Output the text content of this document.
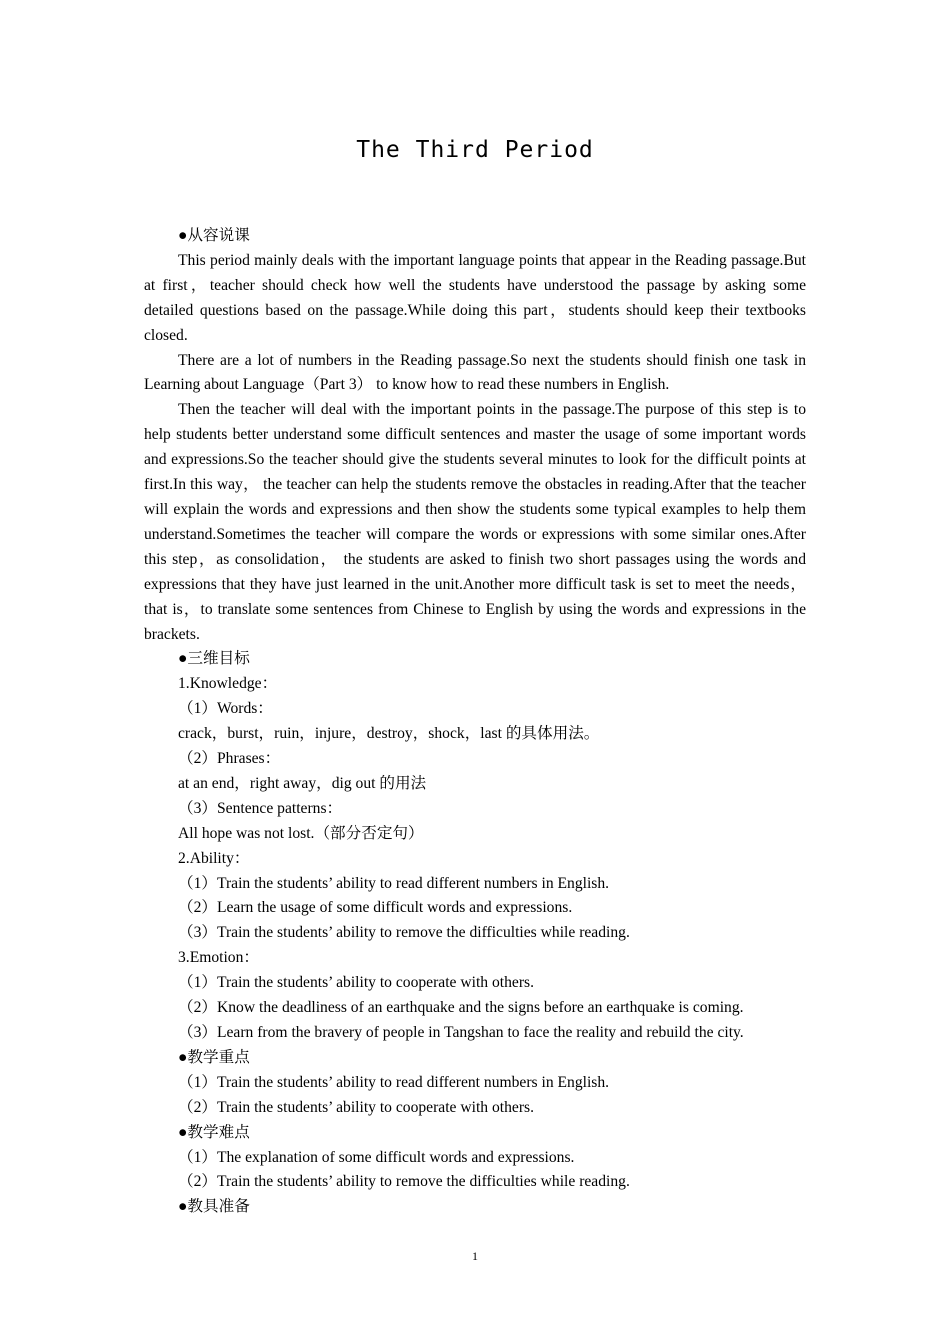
The Third Period

●从容说课

This period mainly deals with the important language points that appear in the Reading passage.But at first，teacher should check how well the students have understood the passage by asking some detailed questions based on the passage.While doing this part，students should keep their textbooks closed.

There are a lot of numbers in the Reading passage.So next the students should finish one task in Learning about Language（Part 3） to know how to read these numbers in English.

Then the teacher will deal with the important points in the passage.The purpose of this step is to help students better understand some difficult sentences and master the usage of some important words and expressions.So the teacher should give the students several minutes to look for the difficult points at first.In this way， the teacher can help the students remove the obstacles in reading.After that the teacher will explain the words and expressions and then show the students some typical examples to help them understand.Sometimes the teacher will compare the words or expressions with some similar ones.After this step，as consolidation， the students are asked to finish two short passages using the words and expressions that they have just learned in the unit.Another more difficult task is set to meet the needs，that is，to translate some sentences from Chinese to English by using the words and expressions in the brackets.

●三维目标

1.Knowledge：

（1）Words：

crack，burst，ruin，injure，destroy，shock，last 的具体用法。

（2）Phrases：

at an end，right away，dig out 的用法

（3）Sentence patterns：

All hope was not lost.（部分否定句）

2.Ability：

（1）Train the students’ ability to read different numbers in English.

（2）Learn the usage of some difficult words and expressions.

（3）Train the students’ ability to remove the difficulties while reading.

3.Emotion：

（1）Train the students’ ability to cooperate with others.

（2）Know the deadliness of an earthquake and the signs before an earthquake is coming.

（3）Learn from the bravery of people in Tangshan to face the reality and rebuild the city.

●教学重点

（1）Train the students’ ability to read different numbers in English.

（2）Train the students’ ability to cooperate with others.

●教学难点

（1）The explanation of some difficult words and expressions.

（2）Train the students’ ability to remove the difficulties while reading.

●教具准备

1
